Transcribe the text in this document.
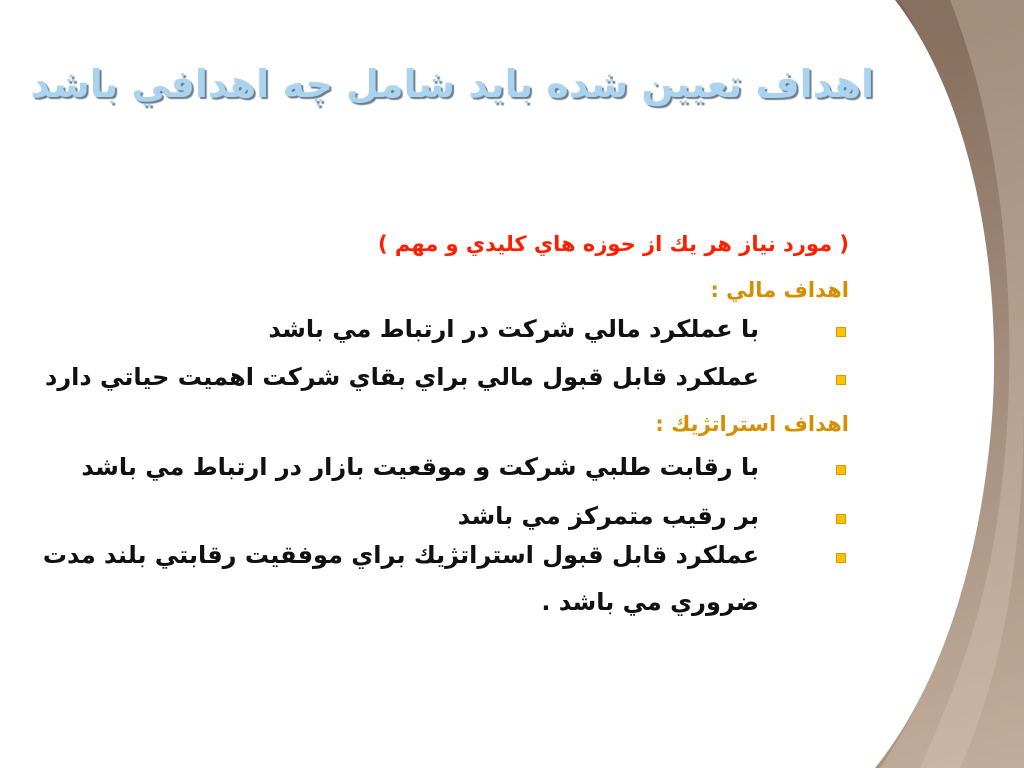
اهداف تعيين شده بايد شامل چه اهدافي باشد
( مورد نياز هر يك از حوزه هاي كليدي و مهم )
اهداف مالي :
با عملكرد مالي شركت در ارتباط مي باشد
عملكرد قابل قبول مالي براي بقاي شركت اهميت حياتي دارد
اهداف استراتژيك :
با رقابت طلبي شركت و موقعيت بازار در ارتباط مي باشد
بر رقيب متمركز مي باشد
عملكرد قابل قبول استراتژيك براي موفقيت رقابتي بلند مدت
ضروري مي باشد .
